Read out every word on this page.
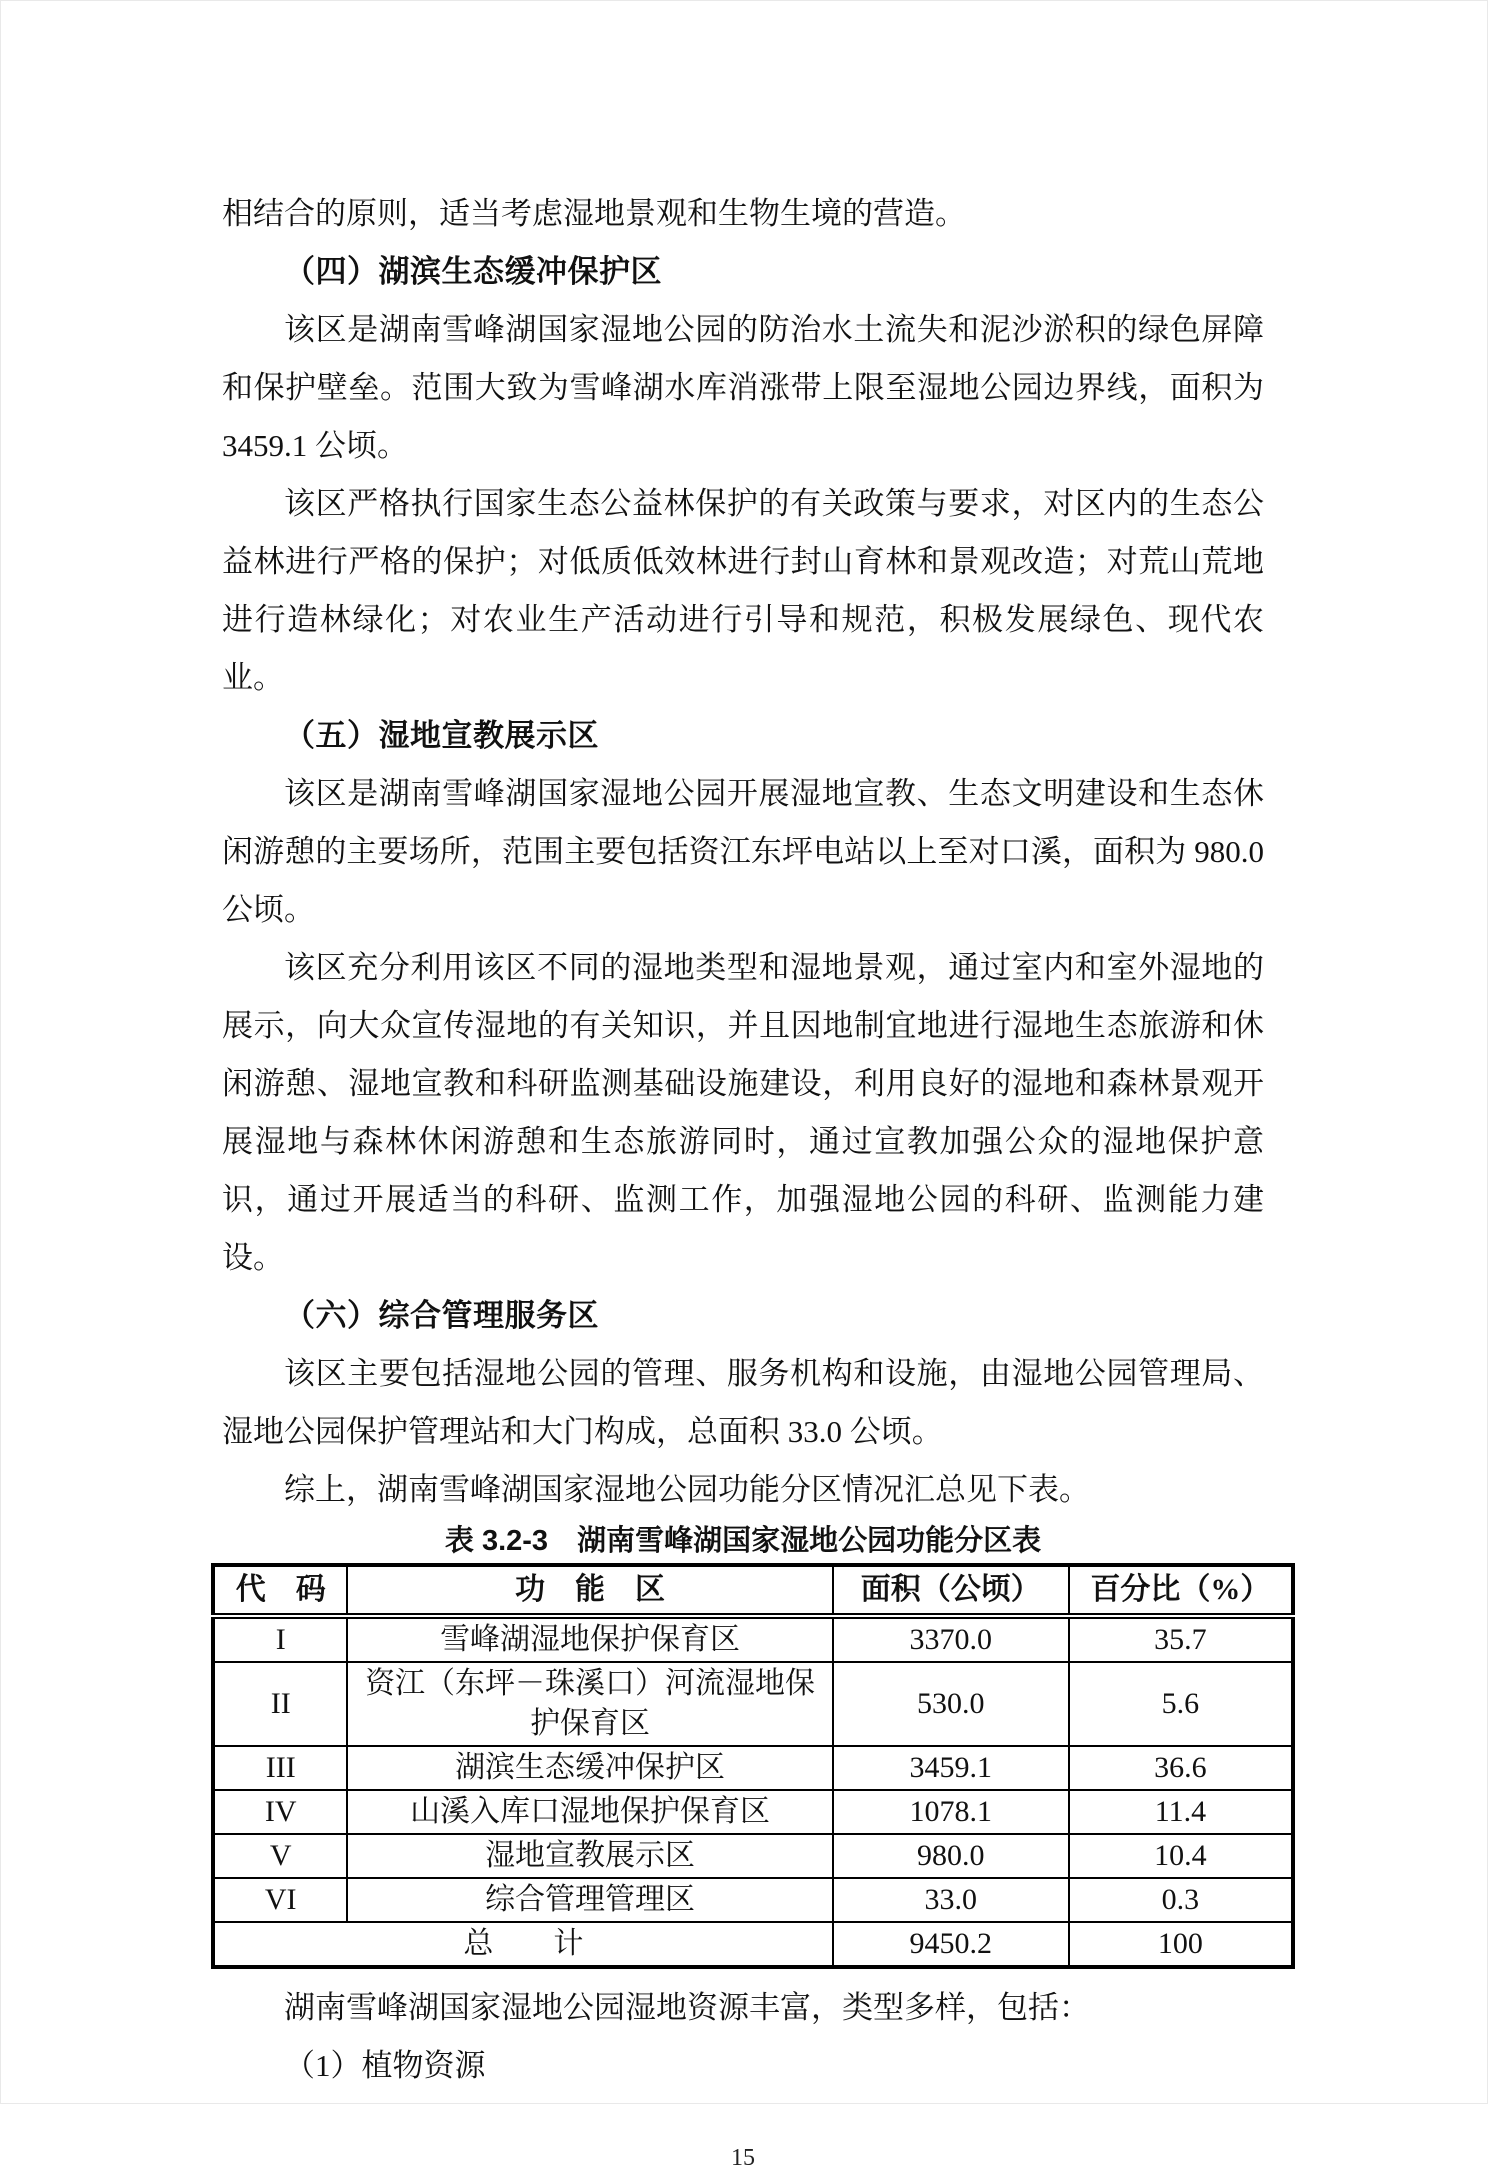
相结合的原则，适当考虑湿地景观和生物生境的营造。

（四）湖滨生态缓冲保护区

该区是湖南雪峰湖国家湿地公园的防治水土流失和泥沙淤积的绿色屏障和保护壁垒。范围大致为雪峰湖水库消涨带上限至湿地公园边界线，面积为 3459.1 公顷。

该区严格执行国家生态公益林保护的有关政策与要求，对区内的生态公益林进行严格的保护；对低质低效林进行封山育林和景观改造；对荒山荒地进行造林绿化；对农业生产活动进行引导和规范，积极发展绿色、现代农业。

（五）湿地宣教展示区

该区是湖南雪峰湖国家湿地公园开展湿地宣教、生态文明建设和生态休闲游憩的主要场所，范围主要包括资江东坪电站以上至对口溪，面积为 980.0 公顷。

该区充分利用该区不同的湿地类型和湿地景观，通过室内和室外湿地的展示，向大众宣传湿地的有关知识，并且因地制宜地进行湿地生态旅游和休闲游憩、湿地宣教和科研监测基础设施建设，利用良好的湿地和森林景观开展湿地与森林休闲游憩和生态旅游同时，通过宣教加强公众的湿地保护意识，通过开展适当的科研、监测工作，加强湿地公园的科研、监测能力建设。

（六）综合管理服务区

该区主要包括湿地公园的管理、服务机构和设施，由湿地公园管理局、湿地公园保护管理站和大门构成，总面积 33.0 公顷。

综上，湖南雪峰湖国家湿地公园功能分区情况汇总见下表。

表 3.2-3　湖南雪峰湖国家湿地公园功能分区表

代　码	功　能　区	面积（公顷）	百分比（%）
I	雪峰湖湿地保护保育区	3370.0	35.7
II	资江（东坪－珠溪口）河流湿地保护保育区	530.0	5.6
III	湖滨生态缓冲保护区	3459.1	36.6
IV	山溪入库口湿地保护保育区	1078.1	11.4
V	湿地宣教展示区	980.0	10.4
VI	综合管理管理区	33.0	0.3
总　　计		9450.2	100

湖南雪峰湖国家湿地公园湿地资源丰富，类型多样，包括：

（1）植物资源

15
